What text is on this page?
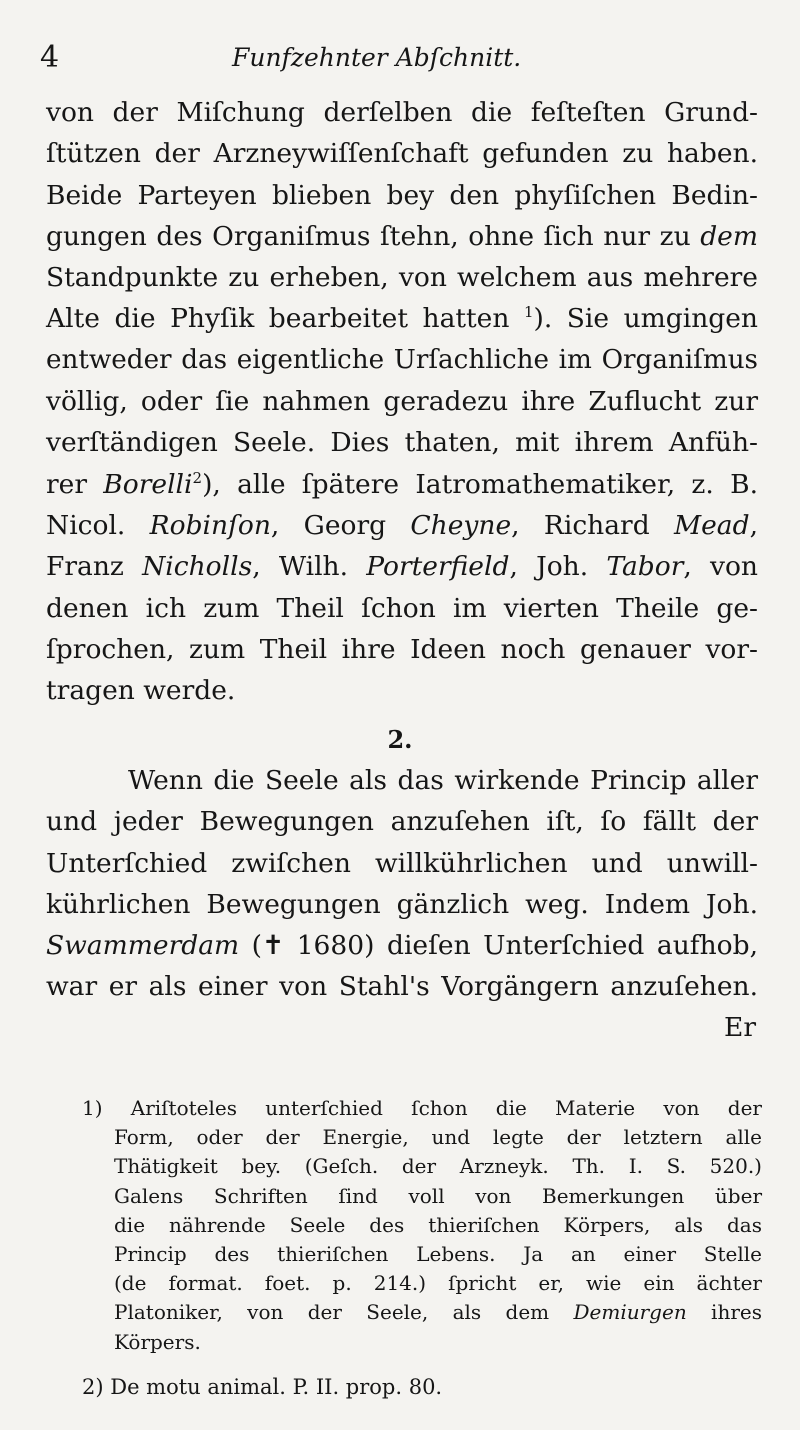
4	Funfzehnter Abſchnitt.
von der Miſchung derſelben die feſteſten Grund-
ſtützen der Arzneywiſſenſchaft gefunden zu haben.
Beide Parteyen blieben bey den phyſiſchen Bedin-
gungen des Organiſmus ſtehn, ohne ſich nur zu dem
Standpunkte zu erheben, von welchem aus mehrere
Alte die Phyſik bearbeitet hatten $^1$). Sie umgingen
entweder das eigentliche Urſachliche im Organiſmus
völlig, oder ſie nahmen geradezu ihre Zuflucht zur
verſtändigen Seele. Dies thaten, mit ihrem Anfüh-
rer Borelli$^2$), alle ſpätere Iatromathematiker, z. B.
Nicol. Robinſon, Georg Cheyne, Richard Mead,
Franz Nicholls, Wilh. Porterfield, Joh. Tabor, von
denen ich zum Theil ſchon im vierten Theile ge-
ſprochen, zum Theil ihre Ideen noch genauer vor-
tragen werde.
2.
Wenn die Seele als das wirkende Princip aller
und jeder Bewegungen anzuſehen iſt, ſo fällt der
Unterſchied zwiſchen willkührlichen und unwill-
kührlichen Bewegungen gänzlich weg. Indem Joh.
Swammerdam (✝ 1680) dieſen Unterſchied aufhob,
war er als einer von Stahl's Vorgängern anzuſehen.
Er
1) Ariſtoteles unterſchied ſchon die Materie von der
Form, oder der Energie, und legte der letztern alle
Thätigkeit bey. (Geſch. der Arzneyk. Th. I. S. 520.)
Galens Schriften ſind voll von Bemerkungen über
die nährende Seele des thieriſchen Körpers, als das
Princip des thieriſchen Lebens. Ja an einer Stelle
(de format. foet. p. 214.) ſpricht er, wie ein ächter
Platoniker, von der Seele, als dem Demiurgen ihres
Körpers.
2) De motu animal. P. II. prop. 80.
